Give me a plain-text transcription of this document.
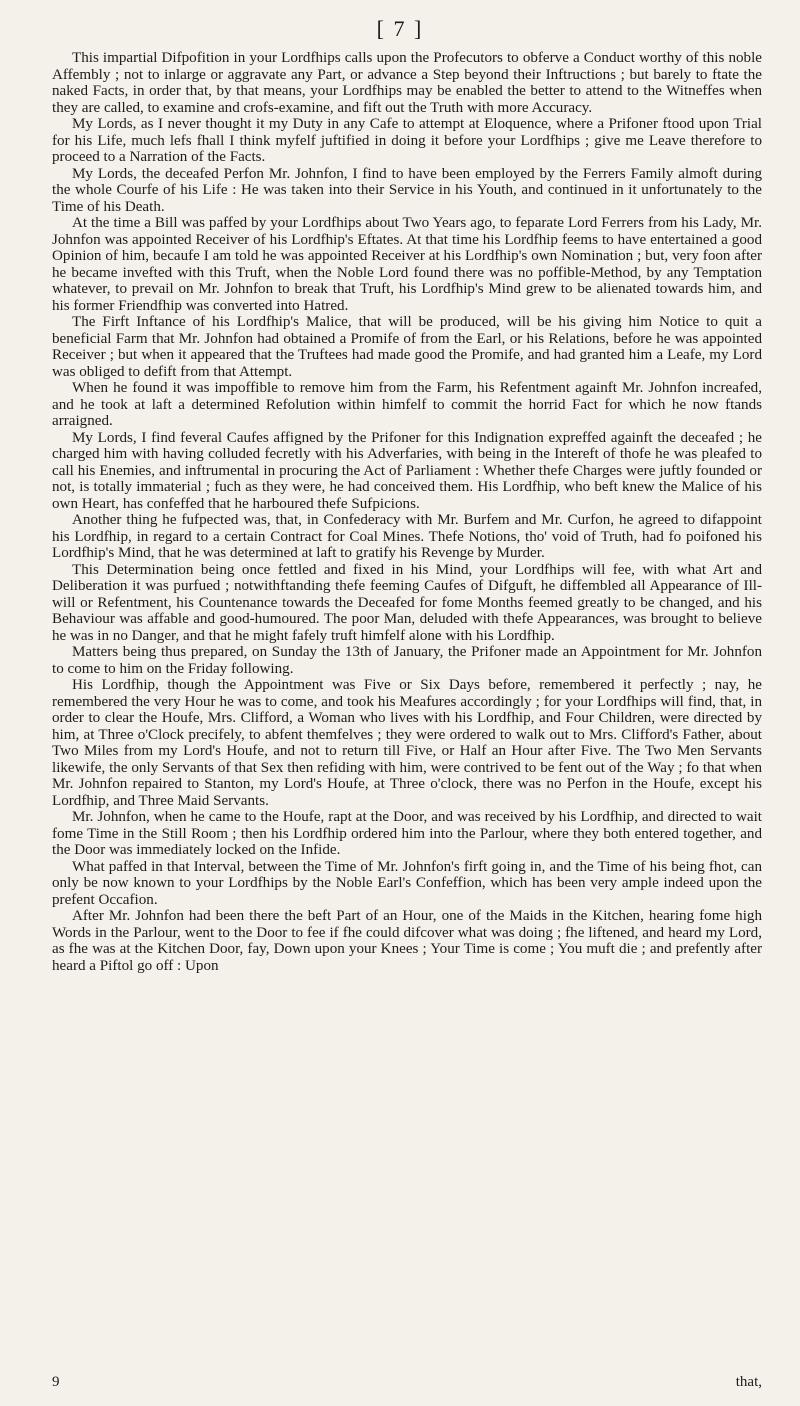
[ 7 ]

This impartial Difpofition in your Lordfhips calls upon the Profecutors to obferve a Conduct worthy of this noble Affembly ; not to inlarge or aggravate any Part, or advance a Step beyond their Inftructions ; but barely to ftate the naked Facts, in order that, by that means, your Lordfhips may be enabled the better to attend to the Witneffes when they are called, to examine and crofs-examine, and fift out the Truth with more Accuracy.

My Lords, as I never thought it my Duty in any Cafe to attempt at Eloquence, where a Prifoner ftood upon Trial for his Life, much lefs fhall I think myfelf juftified in doing it before your Lordfhips ; give me Leave therefore to proceed to a Narration of the Facts.

My Lords, the deceafed Perfon Mr. Johnfon, I find to have been employed by the Ferrers Family almoft during the whole Courfe of his Life : He was taken into their Service in his Youth, and continued in it unfortunately to the Time of his Death.

At the time a Bill was paffed by your Lordfhips about Two Years ago, to feparate Lord Ferrers from his Lady, Mr. Johnfon was appointed Receiver of his Lordfhip's Eftates. At that time his Lordfhip feems to have entertained a good Opinion of him, becaufe I am told he was appointed Receiver at his Lordfhip's own Nomination ; but, very foon after he became invefted with this Truft, when the Noble Lord found there was no poffible-Method, by any Temptation whatever, to prevail on Mr. Johnfon to break that Truft, his Lordfhip's Mind grew to be alienated towards him, and his former Friendfhip was converted into Hatred.

The Firft Inftance of his Lordfhip's Malice, that will be produced, will be his giving him Notice to quit a beneficial Farm that Mr. Johnfon had obtained a Promife of from the Earl, or his Relations, before he was appointed Receiver ; but when it appeared that the Truftees had made good the Promife, and had granted him a Leafe, my Lord was obliged to defift from that Attempt.

When he found it was impoffible to remove him from the Farm, his Refentment againft Mr. Johnfon increafed, and he took at laft a determined Refolution within himfelf to commit the horrid Fact for which he now ftands arraigned.

My Lords, I find feveral Caufes affigned by the Prifoner for this Indignation expreffed againft the deceafed ; he charged him with having colluded fecretly with his Adverfaries, with being in the Intereft of thofe he was pleafed to call his Enemies, and inftrumental in procuring the Act of Parliament : Whether thefe Charges were juftly founded or not, is totally immaterial ; fuch as they were, he had conceived them. His Lordfhip, who beft knew the Malice of his own Heart, has confeffed that he harboured thefe Sufpicions.

Another thing he fufpected was, that, in Confederacy with Mr. Burfem and Mr. Curfon, he agreed to difappoint his Lordfhip, in regard to a certain Contract for Coal Mines. Thefe Notions, tho' void of Truth, had fo poifoned his Lordfhip's Mind, that he was determined at laft to gratify his Revenge by Murder.

This Determination being once fettled and fixed in his Mind, your Lordfhips will fee, with what Art and Deliberation it was purfued ; notwithftanding thefe feeming Caufes of Difguft, he diffembled all Appearance of Ill-will or Refentment, his Countenance towards the Deceafed for fome Months feemed greatly to be changed, and his Behaviour was affable and good-humoured. The poor Man, deluded with thefe Appearances, was brought to believe he was in no Danger, and that he might fafely truft himfelf alone with his Lordfhip.

Matters being thus prepared, on Sunday the 13th of January, the Prifoner made an Appointment for Mr. Johnfon to come to him on the Friday following.

His Lordfhip, though the Appointment was Five or Six Days before, remembered it perfectly ; nay, he remembered the very Hour he was to come, and took his Meafures accordingly ; for your Lordfhips will find, that, in order to clear the Houfe, Mrs. Clifford, a Woman who lives with his Lordfhip, and Four Children, were directed by him, at Three o'Clock precifely, to abfent themfelves ; they were ordered to walk out to Mrs. Clifford's Father, about Two Miles from my Lord's Houfe, and not to return till Five, or Half an Hour after Five. The Two Men Servants likewife, the only Servants of that Sex then refiding with him, were contrived to be fent out of the Way ; fo that when Mr. Johnfon repaired to Stanton, my Lord's Houfe, at Three o'clock, there was no Perfon in the Houfe, except his Lordfhip, and Three Maid Servants.

Mr. Johnfon, when he came to the Houfe, rapt at the Door, and was received by his Lordfhip, and directed to wait fome Time in the Still Room ; then his Lordfhip ordered him into the Parlour, where they both entered together, and the Door was immediately locked on the Infide.

What paffed in that Interval, between the Time of Mr. Johnfon's firft going in, and the Time of his being fhot, can only be now known to your Lordfhips by the Noble Earl's Confeffion, which has been very ample indeed upon the prefent Occafion.

After Mr. Johnfon had been there the beft Part of an Hour, one of the Maids in the Kitchen, hearing fome high Words in the Parlour, went to the Door to fee if fhe could difcover what was doing ; fhe liftened, and heard my Lord, as fhe was at the Kitchen Door, fay, Down upon your Knees ; Your Time is come ; You muft die ; and prefently after heard a Piftol go off : Upon

9	that,
